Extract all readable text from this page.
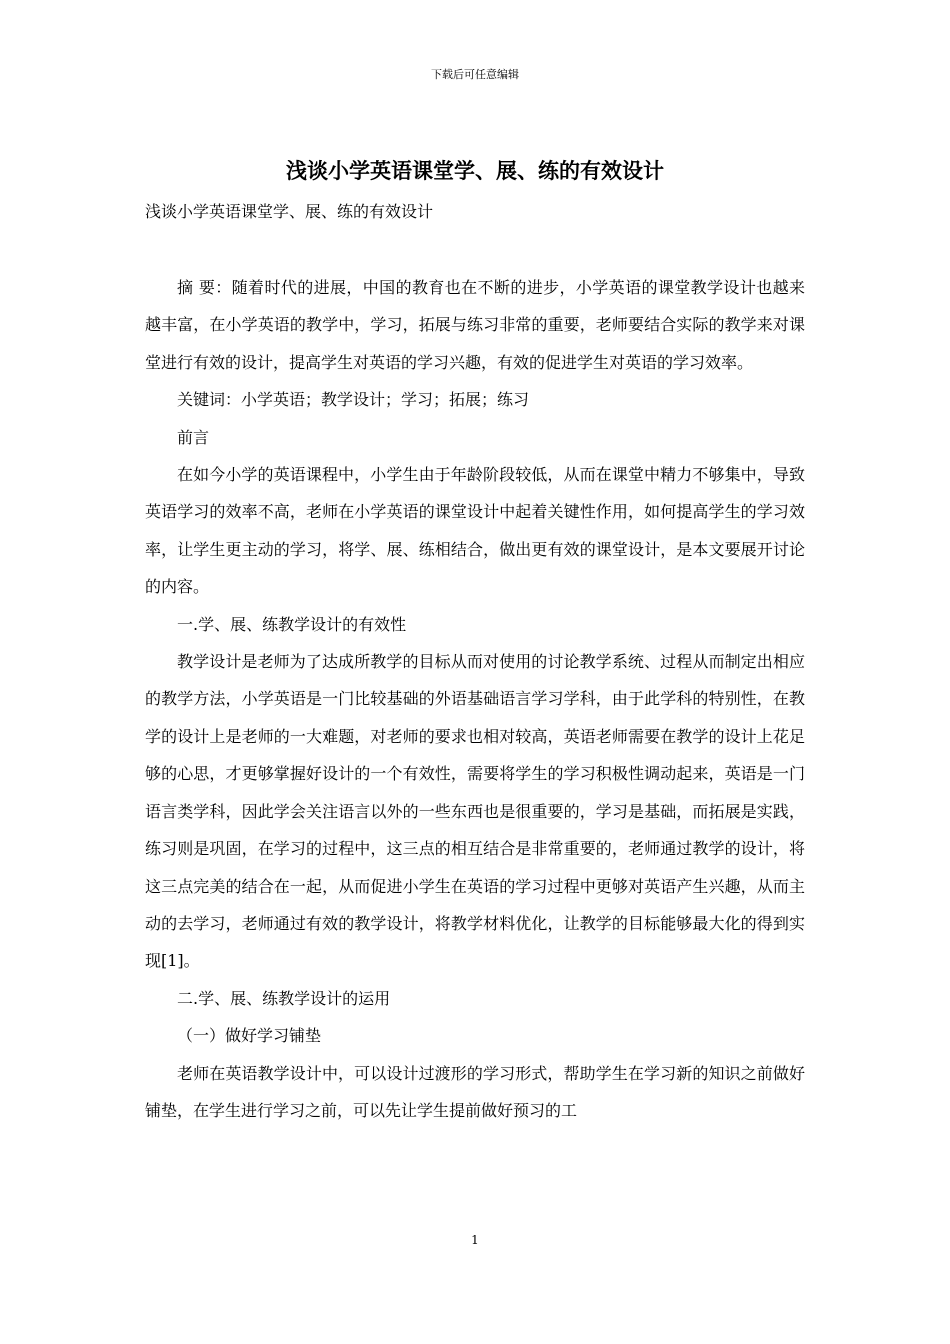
下载后可任意编辑
浅谈小学英语课堂学、展、练的有效设计

浅谈小学英语课堂学、展、练的有效设计

摘 要：随着时代的进展，中国的教育也在不断的进步，小学英语的课堂教学设计也越来越丰富，在小学英语的教学中，学习，拓展与练习非常的重要，老师要结合实际的教学来对课堂进行有效的设计，提高学生对英语的学习兴趣，有效的促进学生对英语的学习效率。

关键词：小学英语；教学设计；学习；拓展；练习

前言

在如今小学的英语课程中，小学生由于年龄阶段较低，从而在课堂中精力不够集中，导致英语学习的效率不高，老师在小学英语的课堂设计中起着关键性作用，如何提高学生的学习效率，让学生更主动的学习，将学、展、练相结合，做出更有效的课堂设计，是本文要展开讨论的内容。

一.学、展、练教学设计的有效性

教学设计是老师为了达成所教学的目标从而对使用的讨论教学系统、过程从而制定出相应的教学方法，小学英语是一门比较基础的外语基础语言学习学科，由于此学科的特别性，在教学的设计上是老师的一大难题，对老师的要求也相对较高，英语老师需要在教学的设计上花足够的心思，才更够掌握好设计的一个有效性，需要将学生的学习积极性调动起来，英语是一门语言类学科，因此学会关注语言以外的一些东西也是很重要的，学习是基础，而拓展是实践，练习则是巩固，在学习的过程中，这三点的相互结合是非常重要的，老师通过教学的设计，将这三点完美的结合在一起，从而促进小学生在英语的学习过程中更够对英语产生兴趣，从而主动的去学习，老师通过有效的教学设计，将教学材料优化，让教学的目标能够最大化的得到实现[1]。

二.学、展、练教学设计的运用

（一）做好学习铺垫

老师在英语教学设计中，可以设计过渡形的学习形式，帮助学生在学习新的知识之前做好铺垫，在学生进行学习之前，可以先让学生提前做好预习的工

1
